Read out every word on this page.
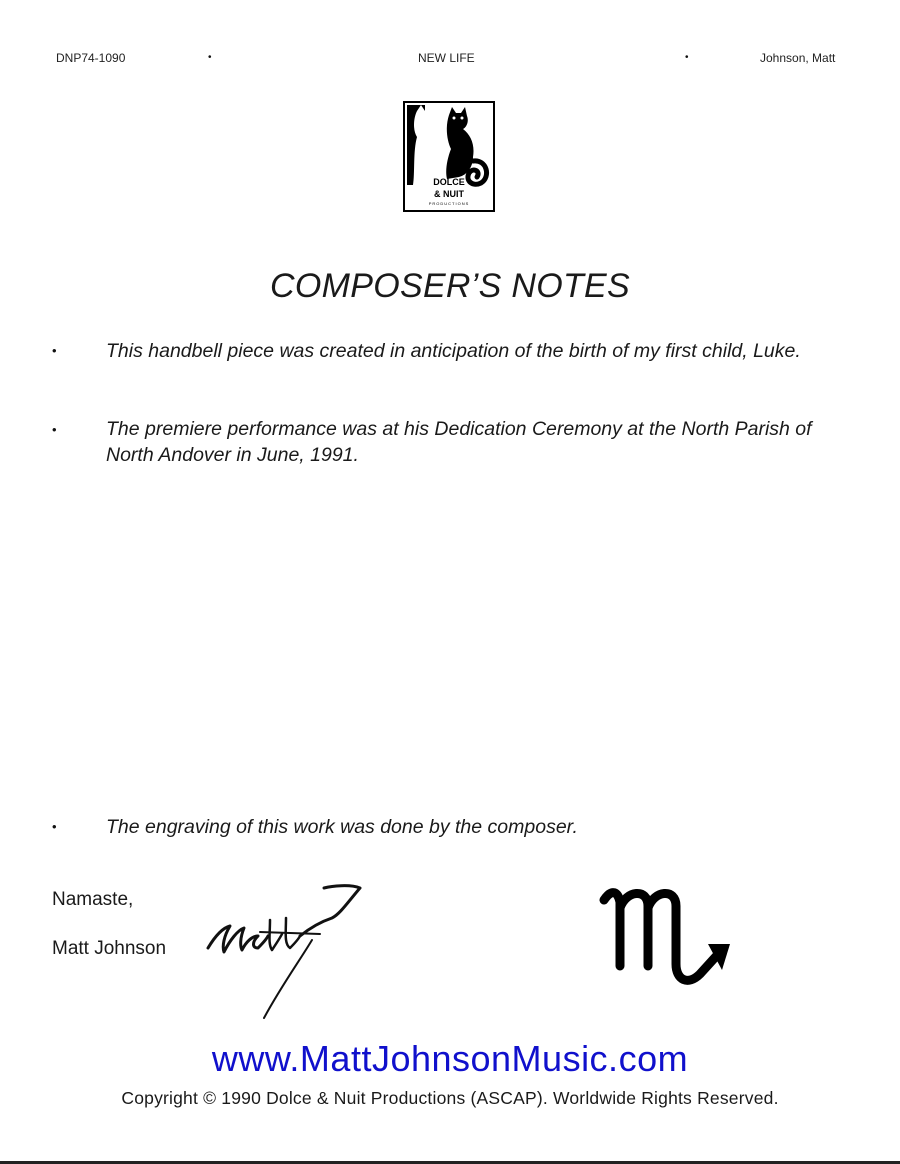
DNP74-1090	•	NEW LIFE	•	Johnson, Matt
a
DOLCE
& NUIT
PRODUCTIONS
COMPOSER’S NOTES
•	This handbell piece was created in anticipation of the birth of my first child, Luke.
•	The premiere performance was at his Dedication Ceremony at the North Parish of North Andover in June, 1991.
•	The engraving of this work was done by the composer.
Namaste,
Matt Johnson
www.MattJohnsonMusic.com
Copyright © 1990 Dolce & Nuit Productions (ASCAP). Worldwide Rights Reserved.
